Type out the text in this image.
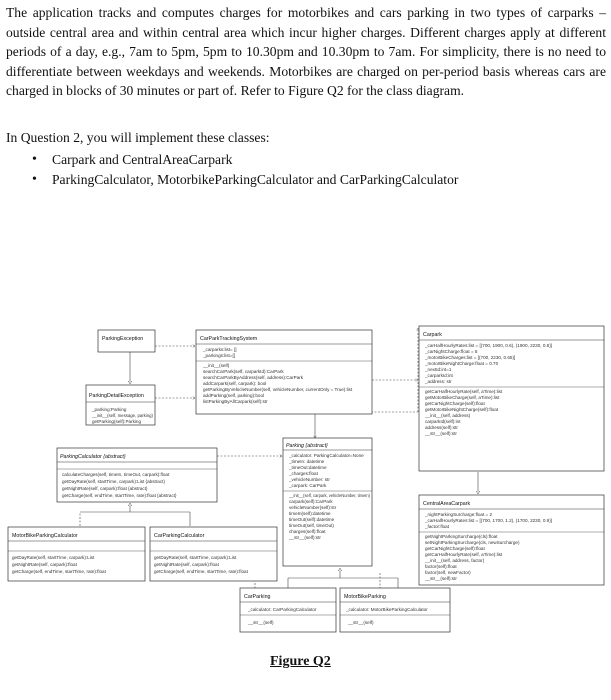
The application tracks and computes charges for motorbikes and cars parking in two types of carparks – outside central area and within central area which incur higher charges. Different charges apply at different periods of a day, e.g., 7am to 5pm, 5pm to 10.30pm and 10.30pm to 7am. For simplicity, there is no need to differentiate between weekdays and weekends. Motorbikes are charged on per-period basis whereas cars are charged in blocks of 30 minutes or part of. Refer to Figure Q2 for the class diagram.
In Question 2, you will implement these classes:
• Carpark and CentralAreaCarpark
• ParkingCalculator, MotorbikeParkingCalculator and CarParkingCalculator
ParkingException
ParkingDetailException
_parking:Parking
__init__(self, message, parking)
getParking(self):Parking
CarParkTrackingSystem
_carparks:list= []
_parkings:list=[]
__init__(self)
searchCarPark(self, carparkId):CarPark
searchCarParkByAddress(self, address):CarPark
addCarpark(self, carpark): bool
getParkingByVehicleNumber(self, vehicleNumber, currentOnly = True):list
addParking(self, parking):bool
listParkingByAllCarpark(self):str
ParkingCalculator {abstract}
calculateCharges(self, timeIn, timeOut, carpark):float
getDayRate(self, startTime, carpark):List {abstract}
getNightRate(self, carpark):float {abstract}
getCharge(self, endTime, startTime, rate):float {abstract}
Parking {abstract}
_calculator: ParkingCalculator=None
_timeIn: datetime
_timeOut:datetime
_charges:float
_vehicleNumber: str
_carpark: CarPark
__init__(self, carpark, vehicleNumber, timeIn)
carpark(self):CarPark
vehicleNumber(self):str
timeIn(self):datetime
timeOut(self):datetime
timeOut(self, timeOut)
charges(self):float
__str__(self):str
MotorBikeParkingCalculator
getDayRate(self, startTime, carpark):List
getNightRate(self, carpark):float
getCharge(self, endTime, startTime, rate):float
CarParkingCalculator
getDayRate(self, startTime, carpark):List
getNightRate(self, carpark):float
getCharge(self, endTime, startTime, rate):float
CarParking
_calculator: CarParkingCalculator
__str__(self)
MotorBikeParking
_calculator: MotorBikeParkingCalculator
__str__(self)
Carpark
_carHalfHourlyRates:list = [(700, 1900, 0.6), (1900, 2230, 0.8)]
_carNightCharge:float = 5
_motorBikeCharges:list = [(700, 2230, 0.65)]
_motorBikeNightCharge:float = 0.70
_nextId:int=1
_carparkId:int
_address: str
getCarHalfHourlyRate(self, aTime):list
getMotorBikeCharge(self, aTime):list
getCarNightCharge(self):float
getMotorBikeNightCharge(self):float
__init__(self, address)
carparkId(self):int
address(self):str
__str__(self):str
CentralAreaCarpark
_nightParkingSurcharge:float = 2
_carHalfHourlyRates:list = [(700, 1700, 1.2), (1700, 2230, 0.9)]
_factor:float
getNightParkingSurcharge(cls):float
setNightParkingSurcharge(cls, newSurcharge)
getCarNightCharge(self):float
getCarHalfHourlyRate(self, aTime):list
__init__(self, address, factor)
factor(self):float
factor(self, newFactor)
__str__(self):str
Figure Q2
